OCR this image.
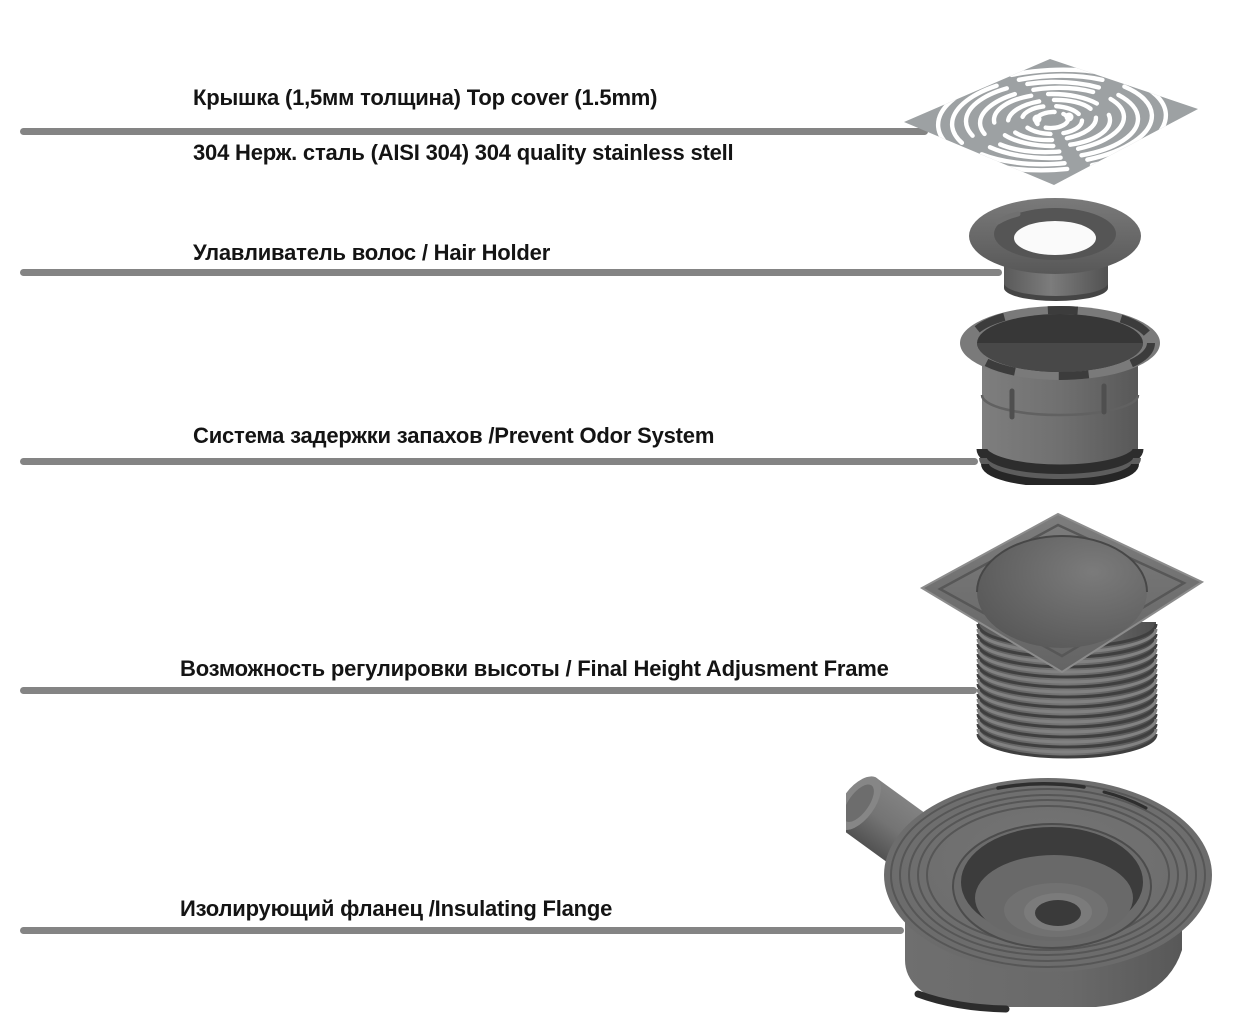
Крышка (1,5мм толщина) Top cover (1.5mm)
304 Нерж. сталь (AISI 304) 304 quality stainless stell
Улавливатель волос / Hair Holder
Система задержки запахов /Prevent Odor System
Возможность регулировки высоты / Final Height Adjusment Frame
Изолирующий фланец /Insulating Flange
